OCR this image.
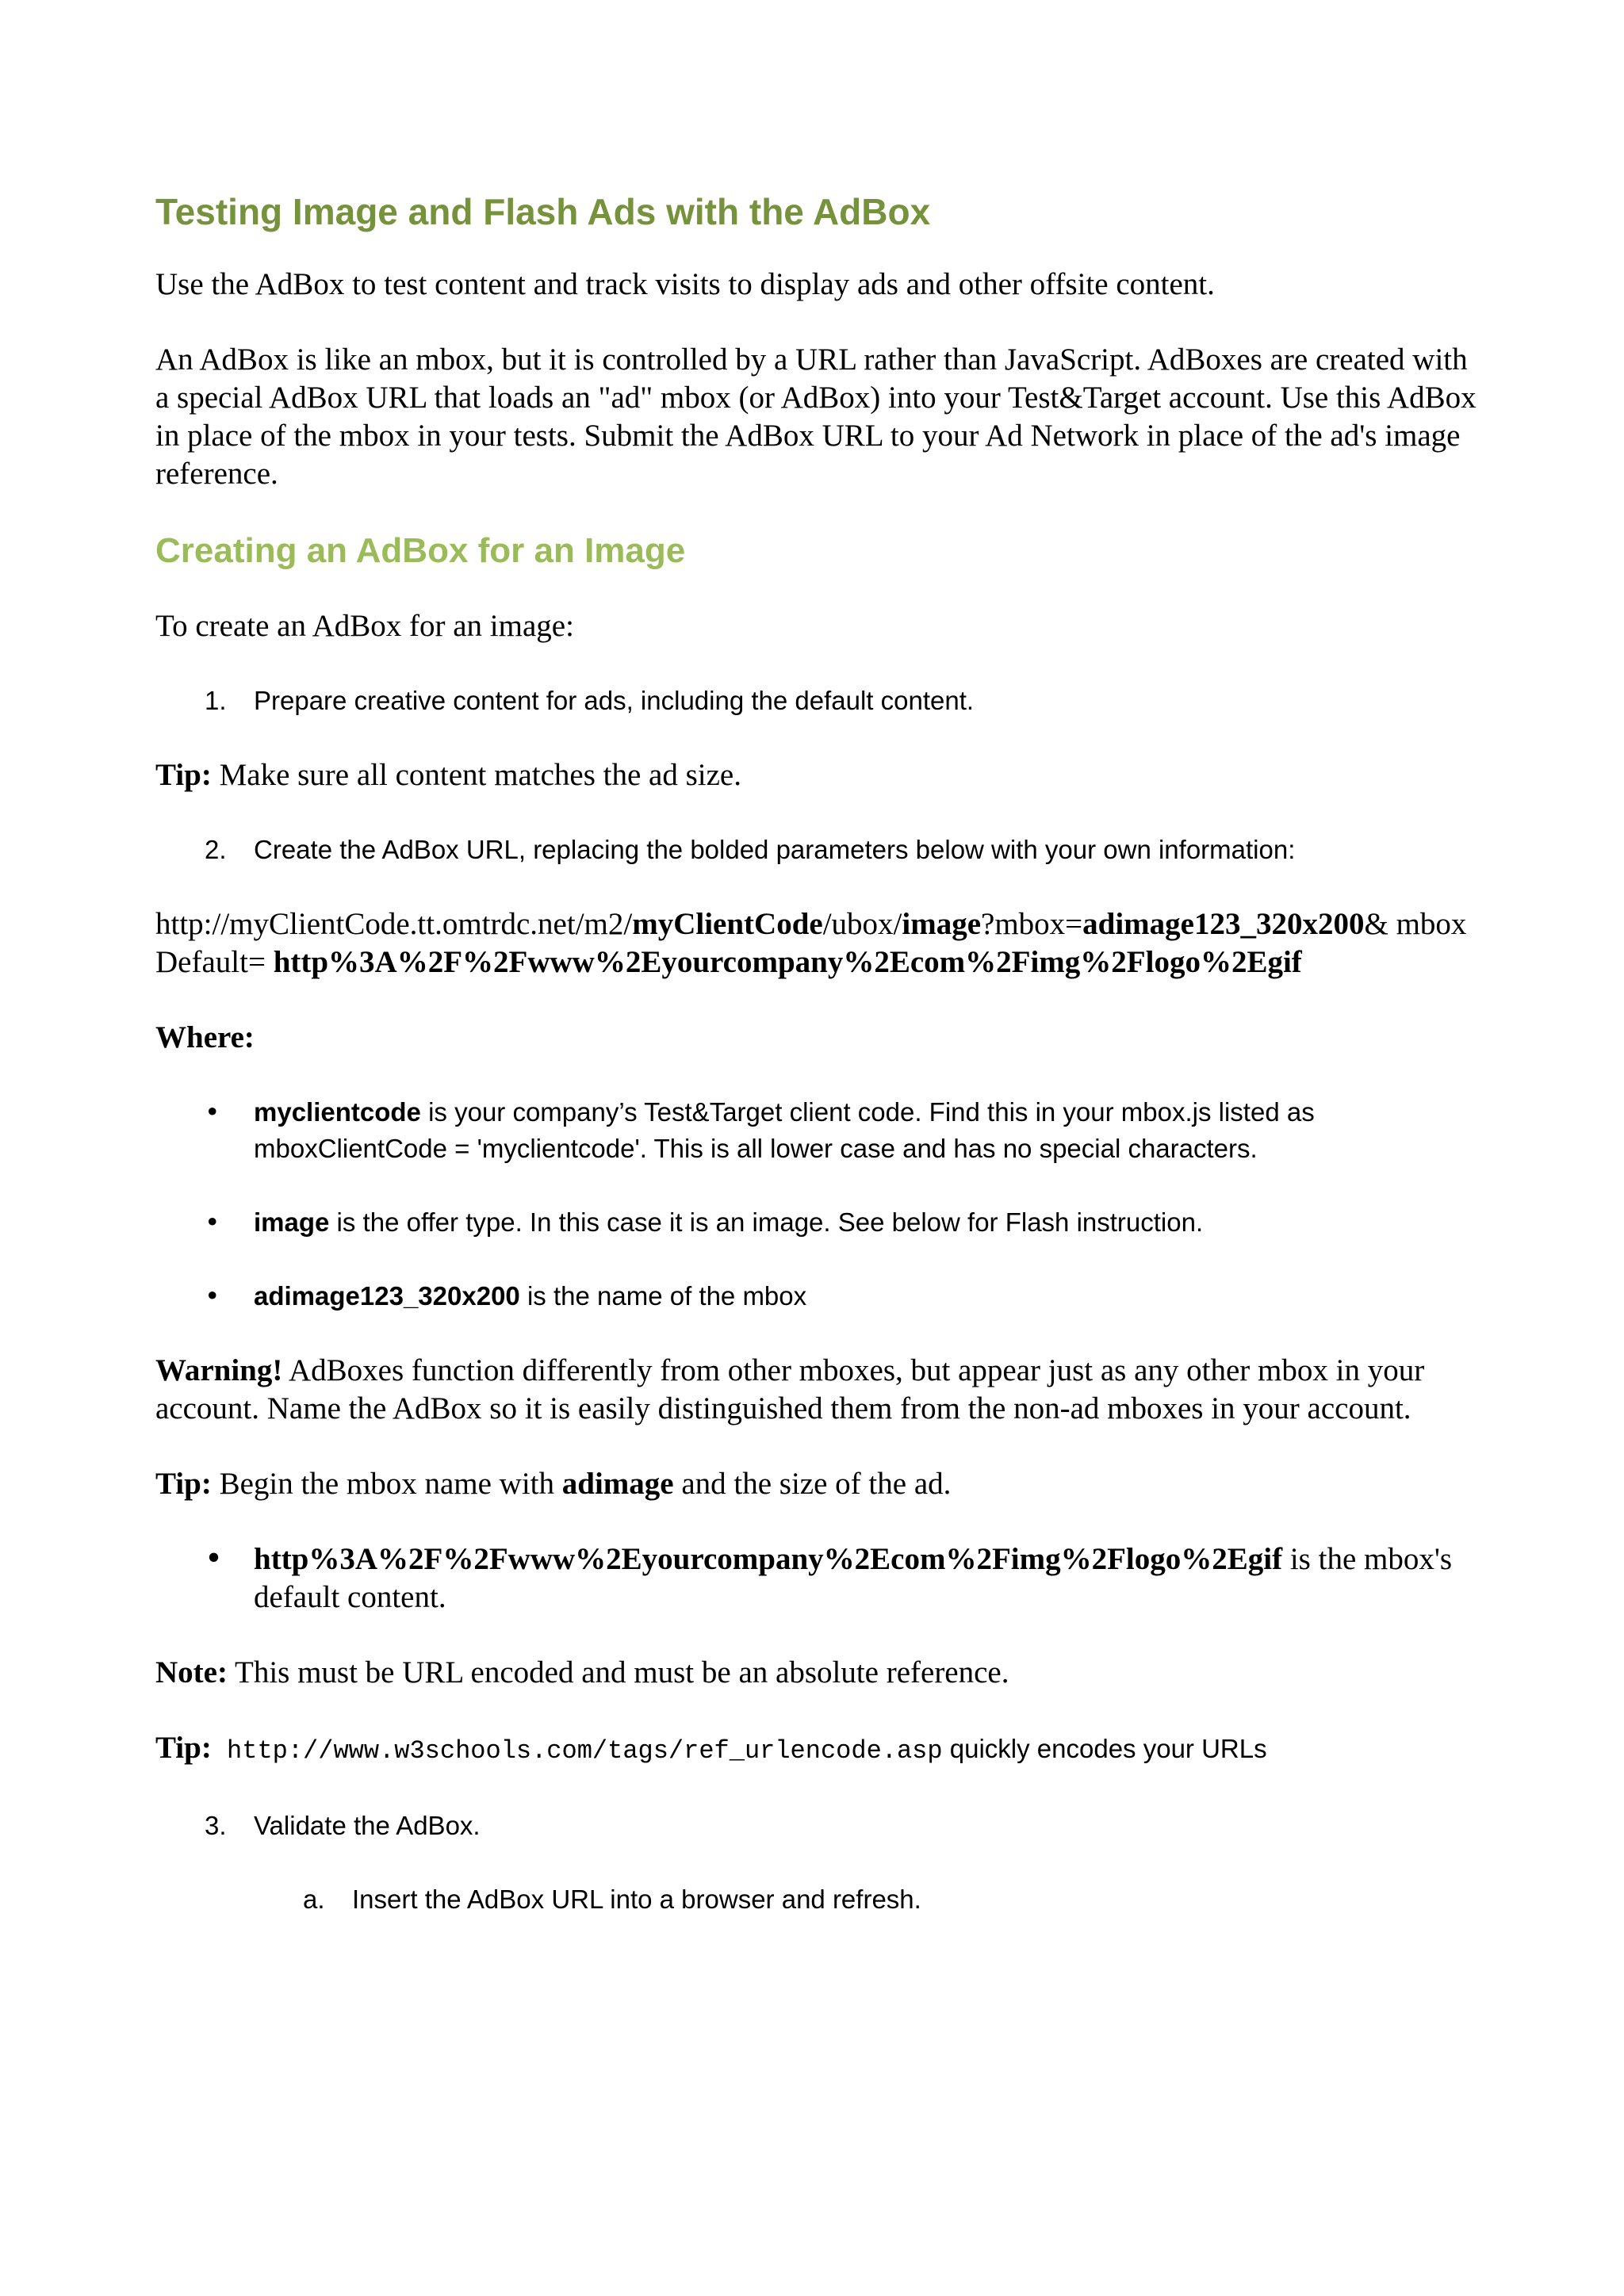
Testing Image and Flash Ads with the AdBox

Use the AdBox to test content and track visits to display ads and other offsite content.

An AdBox is like an mbox, but it is controlled by a URL rather than JavaScript. AdBoxes are created with a special AdBox URL that loads an "ad" mbox (or AdBox) into your Test&Target account. Use this AdBox in place of the mbox in your tests. Submit the AdBox URL to your Ad Network in place of the ad's image reference.

Creating an AdBox for an Image

To create an AdBox for an image:

1. Prepare creative content for ads, including the default content.

Tip: Make sure all content matches the ad size.

2. Create the AdBox URL, replacing the bolded parameters below with your own information:

http://myClientCode.tt.omtrdc.net/m2/myClientCode/ubox/image?mbox=adimage123_320x200& mboxDefault= http%3A%2F%2Fwww%2Eyourcompany%2Ecom%2Fimg%2Flogo%2Egif

Where:

• myclientcode is your company’s Test&Target client code. Find this in your mbox.js listed as mboxClientCode = 'myclientcode'. This is all lower case and has no special characters.
• image is the offer type. In this case it is an image. See below for Flash instruction.
• adimage123_320x200 is the name of the mbox

Warning! AdBoxes function differently from other mboxes, but appear just as any other mbox in your account. Name the AdBox so it is easily distinguished them from the non-ad mboxes in your account.

Tip: Begin the mbox name with adimage and the size of the ad.

• http%3A%2F%2Fwww%2Eyourcompany%2Ecom%2Fimg%2Flogo%2Egif is the mbox's default content.

Note: This must be URL encoded and must be an absolute reference.

Tip: http://www.w3schools.com/tags/ref_urlencode.asp quickly encodes your URLs

3. Validate the AdBox.
a. Insert the AdBox URL into a browser and refresh.
